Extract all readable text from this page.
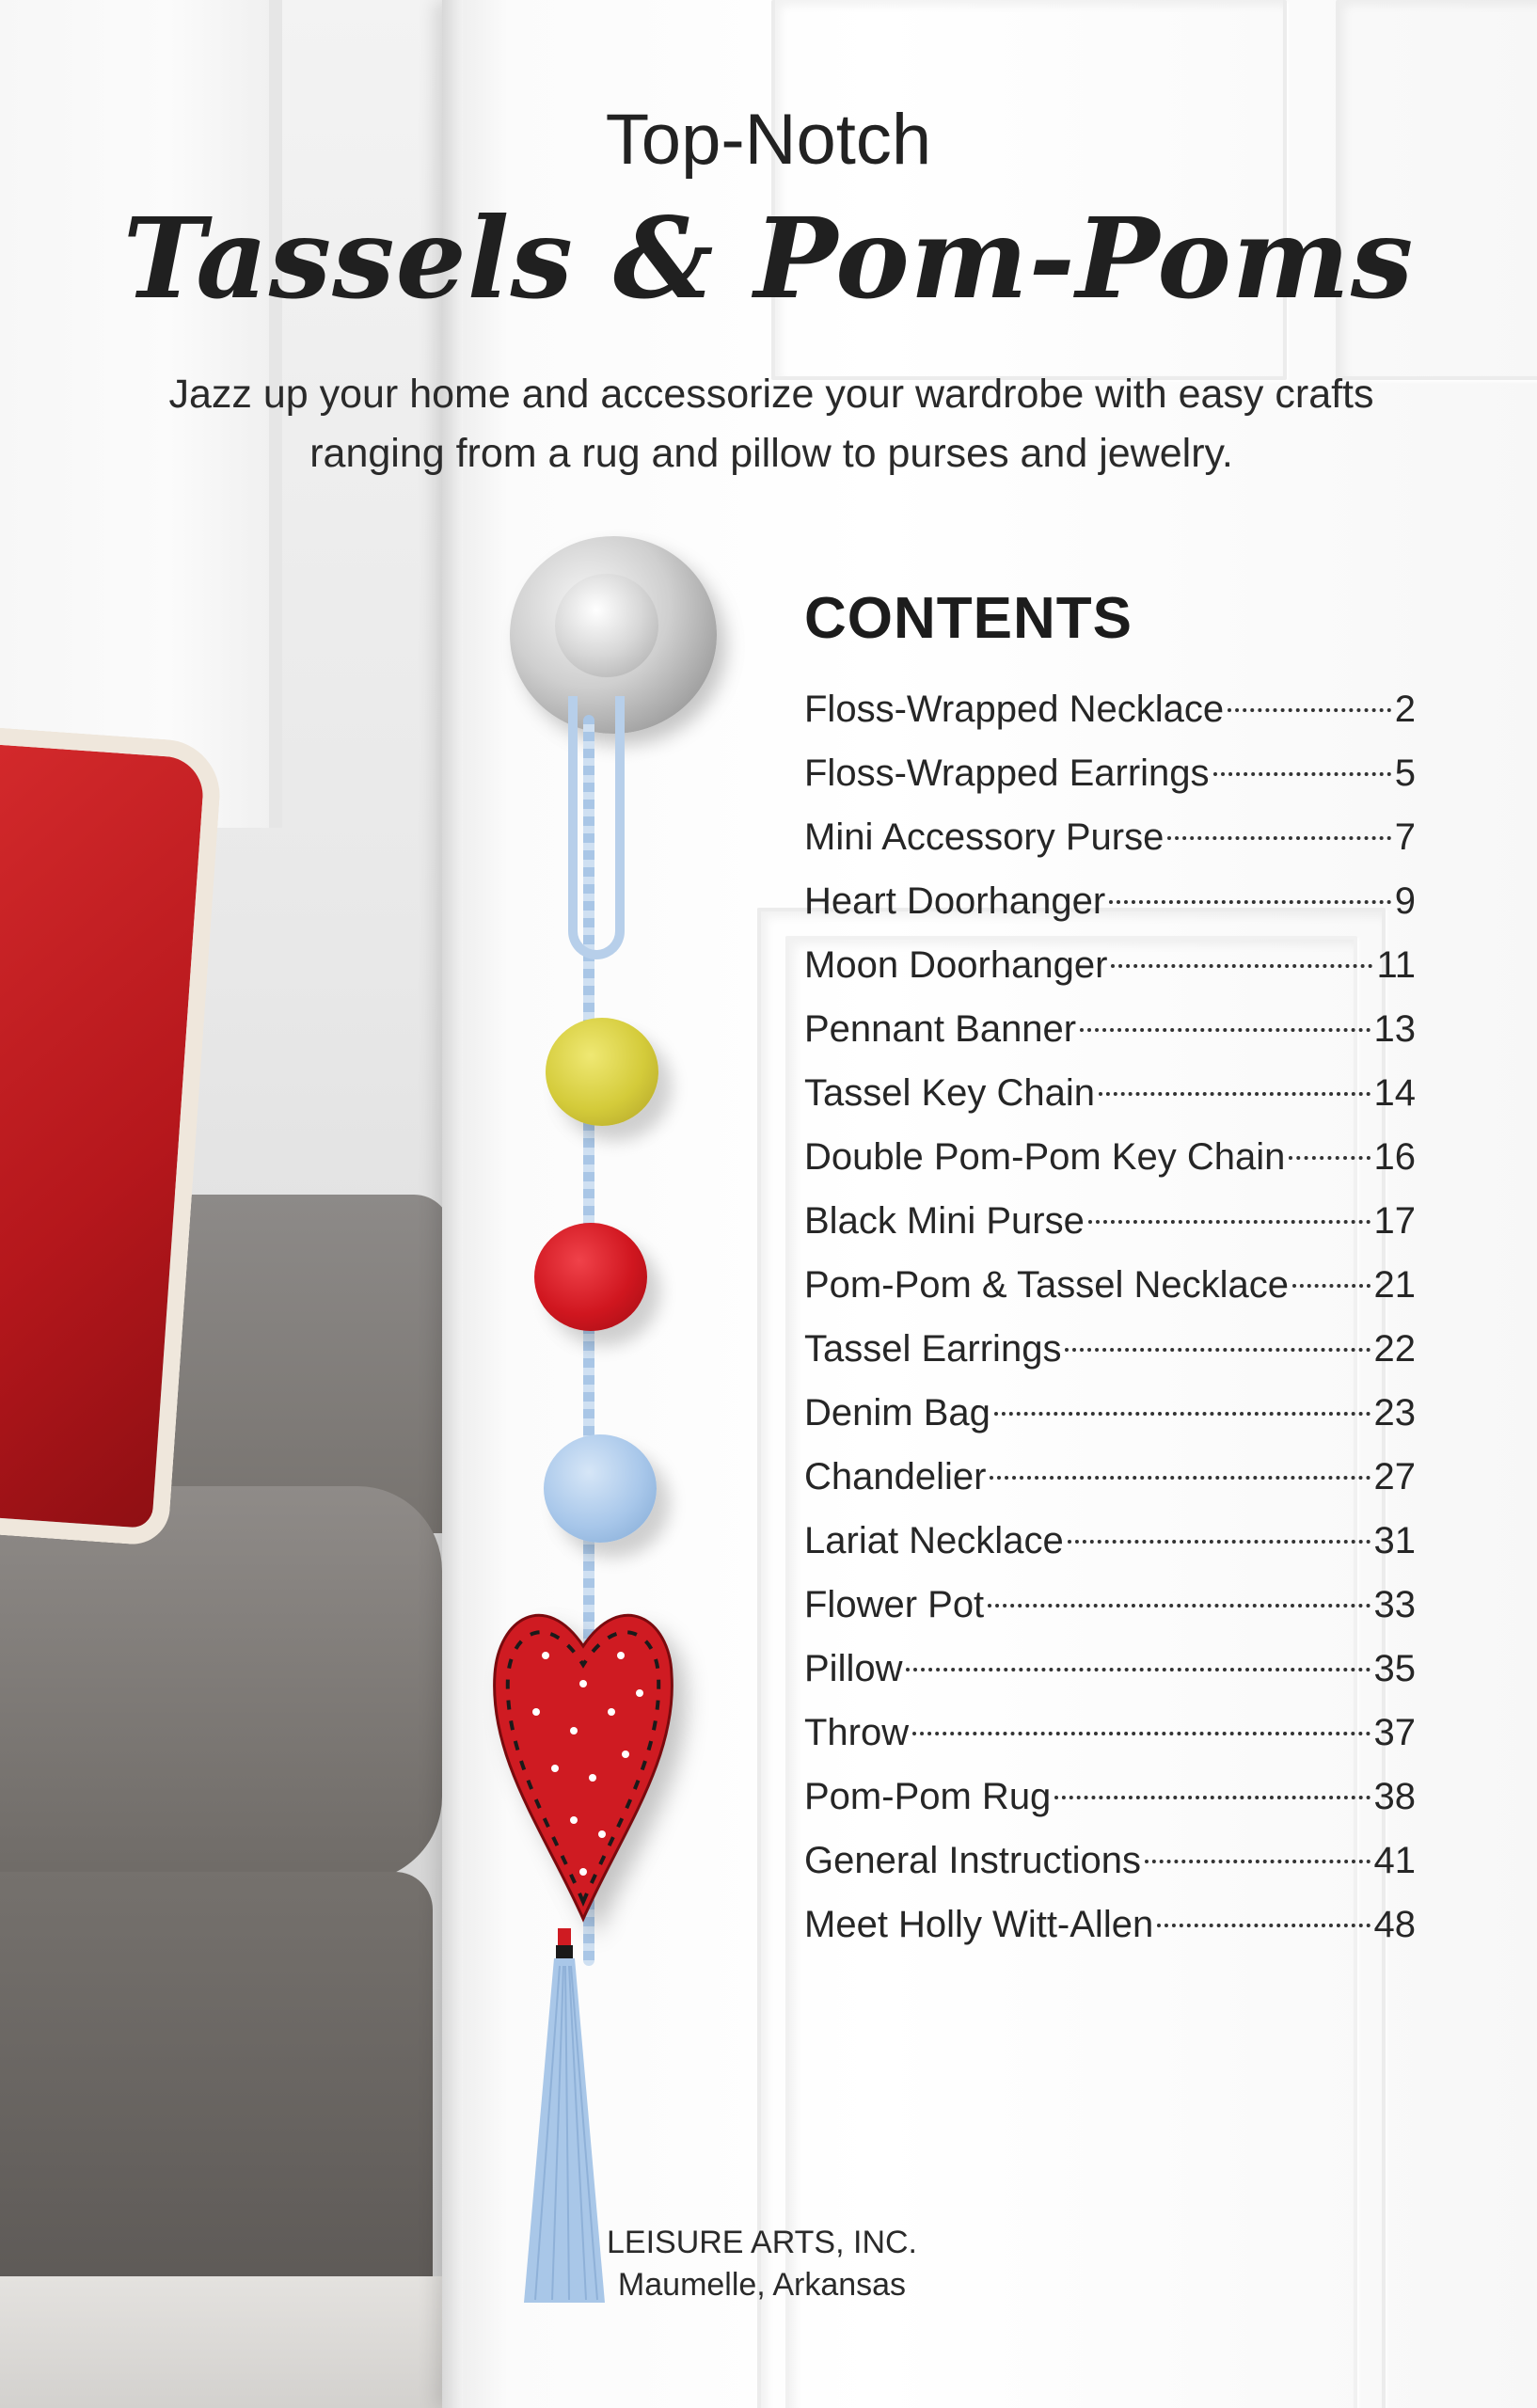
Top-Notch
Tassels & Pom-Poms
Jazz up your home and accessorize your wardrobe with easy crafts
ranging from a rug and pillow to purses and jewelry.
CONTENTS
Floss-Wrapped Necklace	2
Floss-Wrapped Earrings	5
Mini Accessory Purse	7
Heart Doorhanger	9
Moon Doorhanger	11
Pennant Banner	13
Tassel Key Chain	14
Double Pom-Pom Key Chain 16
Black Mini Purse	17
Pom-Pom & Tassel Necklace 21
Tassel Earrings	22
Denim Bag	23
Chandelier	27
Lariat Necklace	31
Flower Pot	33
Pillow	35
Throw	37
Pom-Pom Rug	38
General Instructions	41
Meet Holly Witt-Allen	48
LEISURE ARTS, INC.
Maumelle, Arkansas
